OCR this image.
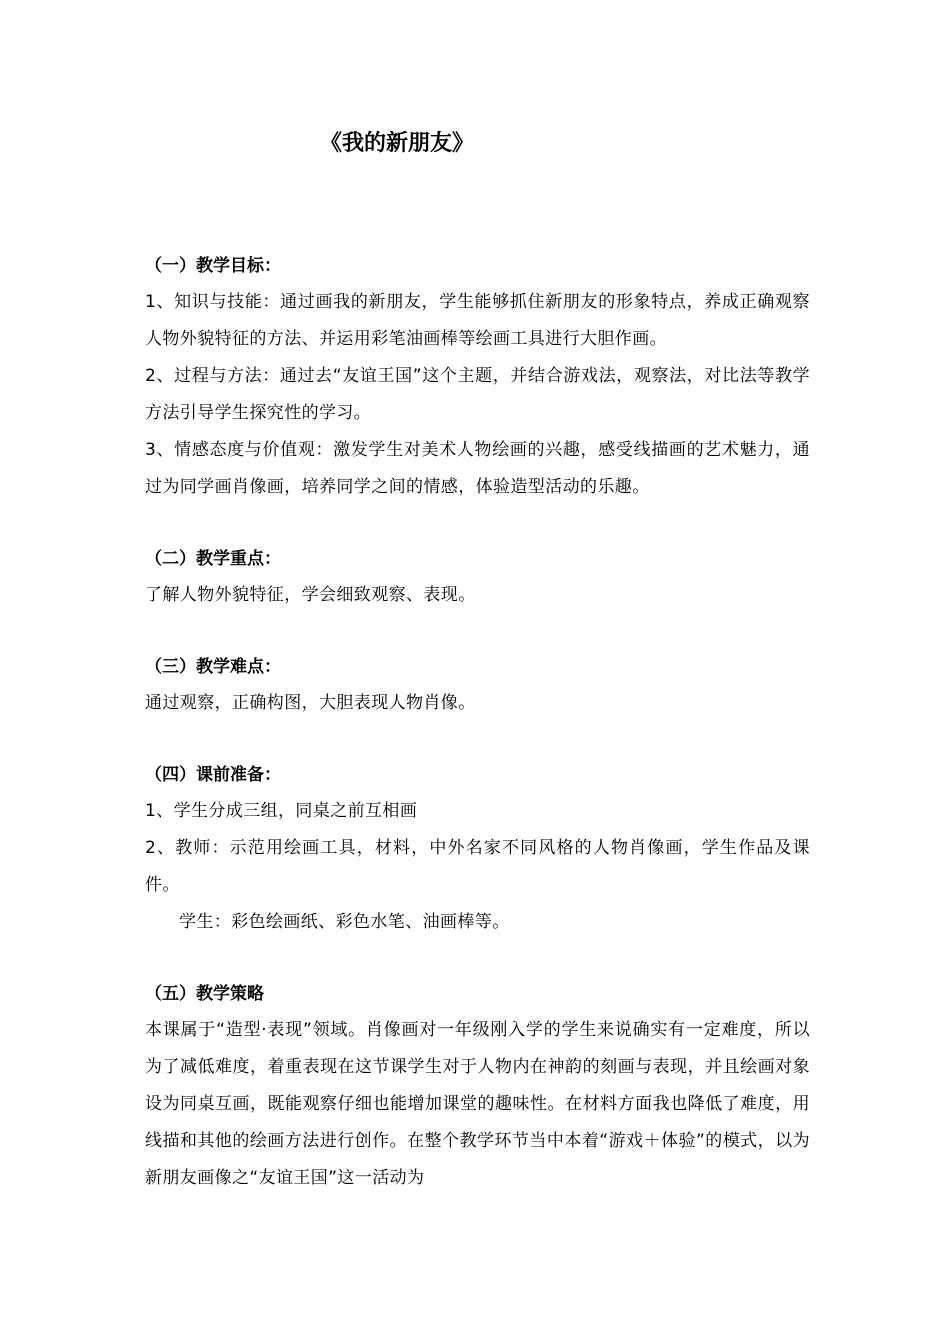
《我的新朋友》
（一）教学目标：
1、知识与技能：通过画我的新朋友，学生能够抓住新朋友的形象特点，养成正确观察人物外貌特征的方法、并运用彩笔油画棒等绘画工具进行大胆作画。
2、过程与方法：通过去“友谊王国”这个主题，并结合游戏法，观察法，对比法等教学方法引导学生探究性的学习。
3、情感态度与价值观：激发学生对美术人物绘画的兴趣，感受线描画的艺术魅力，通过为同学画肖像画，培养同学之间的情感，体验造型活动的乐趣。
（二）教学重点：
了解人物外貌特征，学会细致观察、表现。
（三）教学难点：
通过观察，正确构图，大胆表现人物肖像。
（四）课前准备：
1、学生分成三组，同桌之前互相画
2、教师：示范用绘画工具，材料，中外名家不同风格的人物肖像画，学生作品及课件。
学生：彩色绘画纸、彩色水笔、油画棒等。
（五）教学策略
本课属于“造型·表现”领域。肖像画对一年级刚入学的学生来说确实有一定难度，所以为了减低难度，着重表现在这节课学生对于人物内在神韵的刻画与表现，并且绘画对象设为同桌互画，既能观察仔细也能增加课堂的趣味性。在材料方面我也降低了难度，用线描和其他的绘画方法进行创作。在整个教学环节当中本着“游戏＋体验”的模式，以为新朋友画像之“友谊王国”这一活动为
